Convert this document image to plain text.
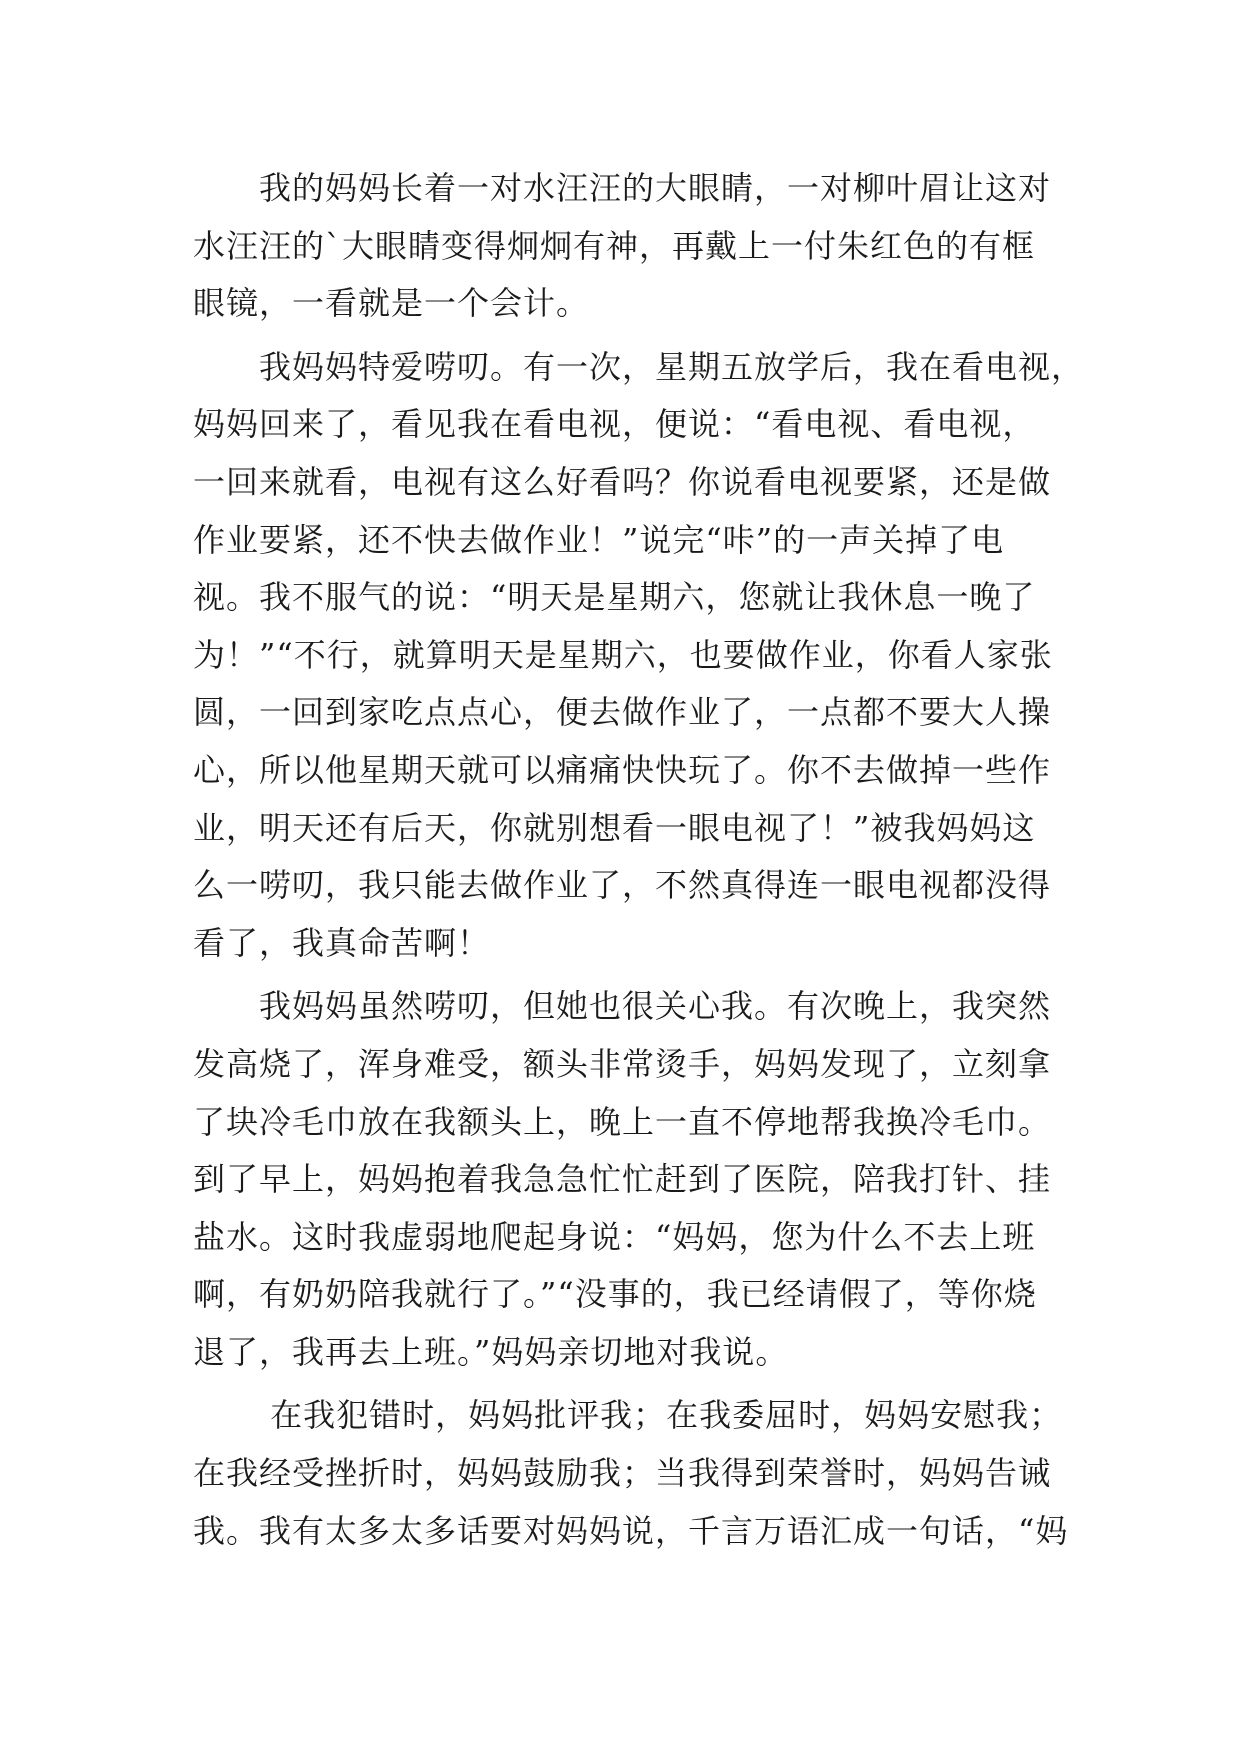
　　我的妈妈长着一对水汪汪的大眼睛，一对柳叶眉让这对
水汪汪的`大眼睛变得炯炯有神，再戴上一付朱红色的有框
眼镜，一看就是一个会计。
　　我妈妈特爱唠叨。有一次，星期五放学后，我在看电视，
妈妈回来了，看见我在看电视，便说：“看电视、看电视，
一回来就看，电视有这么好看吗？你说看电视要紧，还是做
作业要紧，还不快去做作业！”说完“咔”的一声关掉了电
视。我不服气的说：“明天是星期六，您就让我休息一晚了
为！”“不行，就算明天是星期六，也要做作业，你看人家张
圆，一回到家吃点点心，便去做作业了，一点都不要大人操
心，所以他星期天就可以痛痛快快玩了。你不去做掉一些作
业，明天还有后天，你就别想看一眼电视了！”被我妈妈这
么一唠叨，我只能去做作业了，不然真得连一眼电视都没得
看了，我真命苦啊！
　　我妈妈虽然唠叨，但她也很关心我。有次晚上，我突然
发高烧了，浑身难受，额头非常烫手，妈妈发现了，立刻拿
了块冷毛巾放在我额头上，晚上一直不停地帮我换冷毛巾。
到了早上，妈妈抱着我急急忙忙赶到了医院，陪我打针、挂
盐水。这时我虚弱地爬起身说：“妈妈，您为什么不去上班
啊，有奶奶陪我就行了。”“没事的，我已经请假了，等你烧
退了，我再去上班。”妈妈亲切地对我说。
　　 在我犯错时，妈妈批评我；在我委屈时，妈妈安慰我；
在我经受挫折时，妈妈鼓励我；当我得到荣誉时，妈妈告诫
我。我有太多太多话要对妈妈说，千言万语汇成一句话，“妈
